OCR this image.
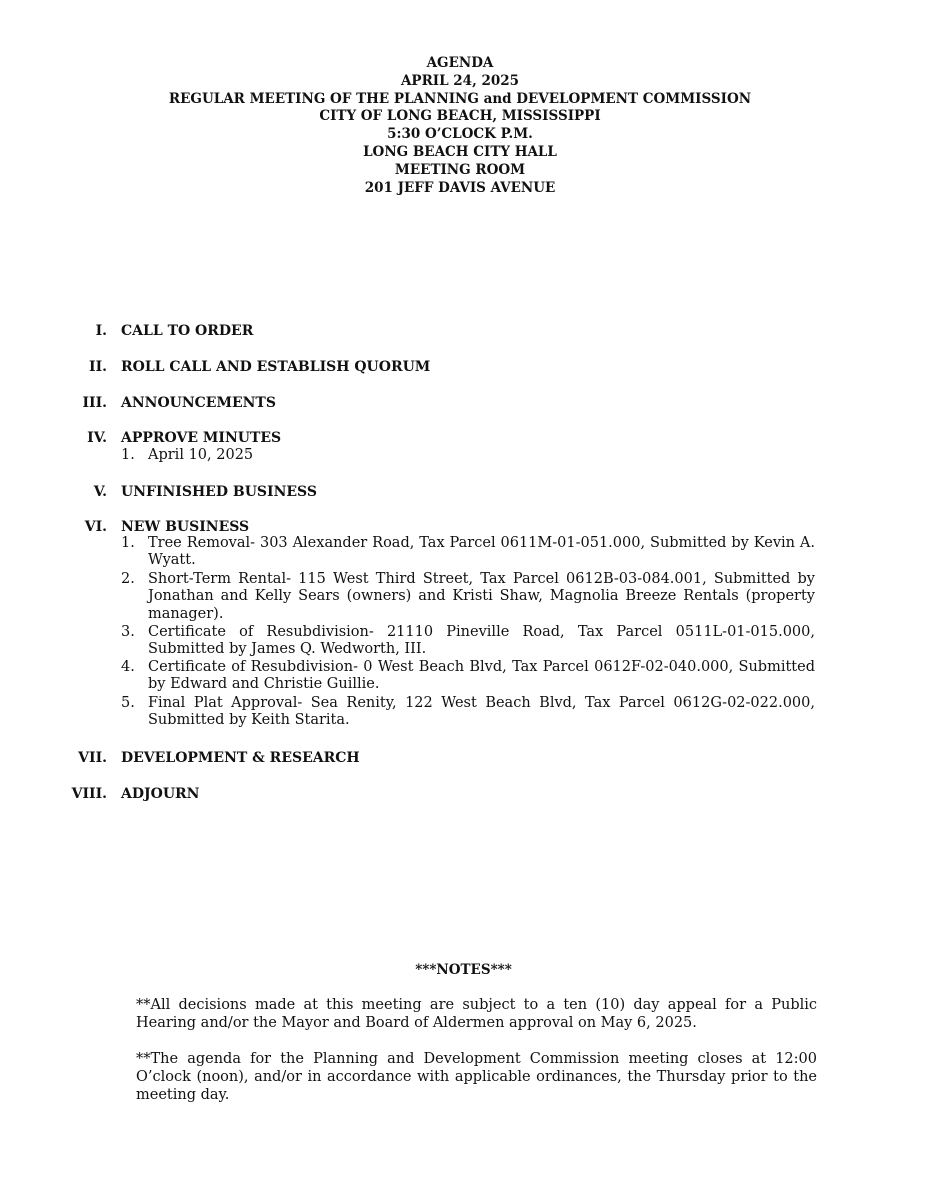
AGENDA
APRIL 24, 2025
REGULAR MEETING OF THE PLANNING and DEVELOPMENT COMMISSION
CITY OF LONG BEACH, MISSISSIPPI
5:30 O’CLOCK P.M.
LONG BEACH CITY HALL
MEETING ROOM
201 JEFF DAVIS AVENUE
I. CALL TO ORDER
II. ROLL CALL AND ESTABLISH QUORUM
III. ANNOUNCEMENTS
IV. APPROVE MINUTES
1. April 10, 2025
V. UNFINISHED BUSINESS
VI. NEW BUSINESS
1. Tree Removal- 303 Alexander Road, Tax Parcel 0611M-01-051.000, Submitted by Kevin A. Wyatt.
2. Short-Term Rental- 115 West Third Street, Tax Parcel 0612B-03-084.001, Submitted by Jonathan and Kelly Sears (owners) and Kristi Shaw, Magnolia Breeze Rentals (property manager).
3. Certificate of Resubdivision- 21110 Pineville Road, Tax Parcel 0511L-01-015.000, Submitted by James Q. Wedworth, III.
4. Certificate of Resubdivision- 0 West Beach Blvd, Tax Parcel 0612F-02-040.000, Submitted by Edward and Christie Guillie.
5. Final Plat Approval- Sea Renity, 122 West Beach Blvd, Tax Parcel 0612G-02-022.000, Submitted by Keith Starita.
VII. DEVELOPMENT & RESEARCH
VIII. ADJOURN
***NOTES***
**All decisions made at this meeting are subject to a ten (10) day appeal for a Public Hearing and/or the Mayor and Board of Aldermen approval on May 6, 2025.
**The agenda for the Planning and Development Commission meeting closes at 12:00 O’clock (noon), and/or in accordance with applicable ordinances, the Thursday prior to the meeting day.
